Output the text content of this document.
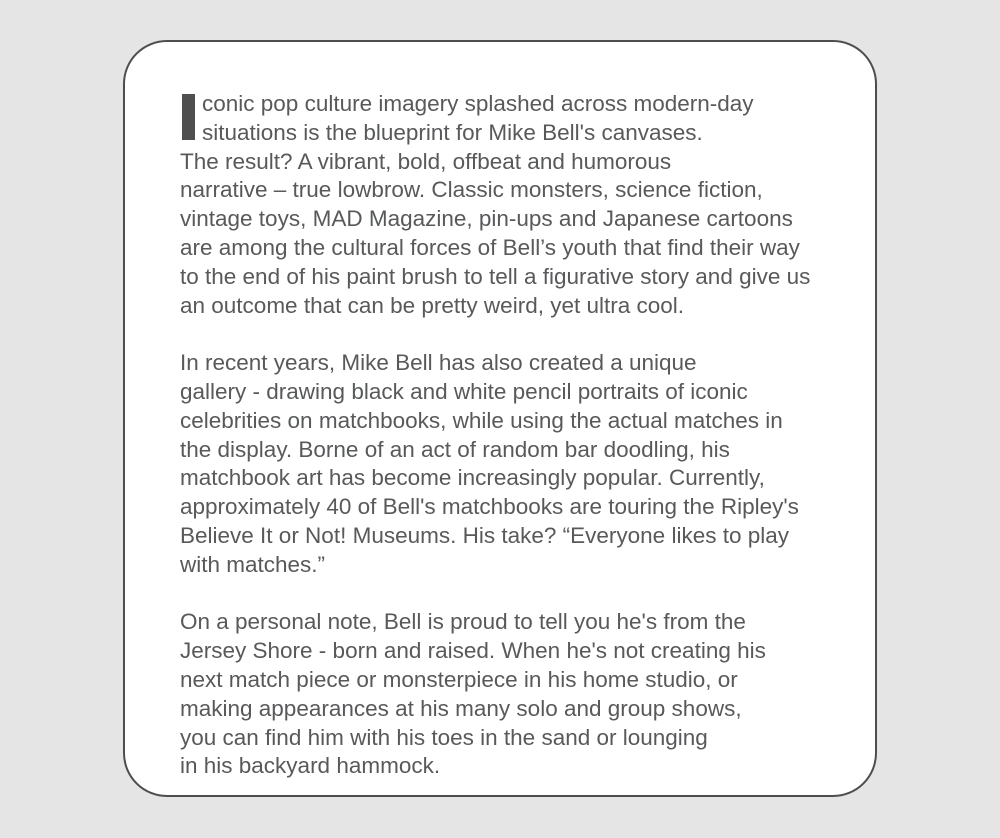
conic pop culture imagery splashed across modern-day
situations is the blueprint for Mike Bell's canvases.
The result? A vibrant, bold, offbeat and humorous
narrative – true lowbrow. Classic monsters, science fiction,
vintage toys, MAD Magazine, pin-ups and Japanese cartoons
are among the cultural forces of Bell’s youth that find their way
to the end of his paint brush to tell a figurative story and give us
an outcome that can be pretty weird, yet ultra cool.
In recent years, Mike Bell has also created a unique
gallery - drawing black and white pencil portraits of iconic
celebrities on matchbooks, while using the actual matches in
the display. Borne of an act of random bar doodling, his
matchbook art has become increasingly popular. Currently,
approximately 40 of Bell's matchbooks are touring the Ripley's
Believe It or Not! Museums. His take? “Everyone likes to play
with matches.”
On a personal note, Bell is proud to tell you he's from the
Jersey Shore - born and raised. When he's not creating his
next match piece or monsterpiece in his home studio, or
making appearances at his many solo and group shows,
you can find him with his toes in the sand or lounging
in his backyard hammock.
